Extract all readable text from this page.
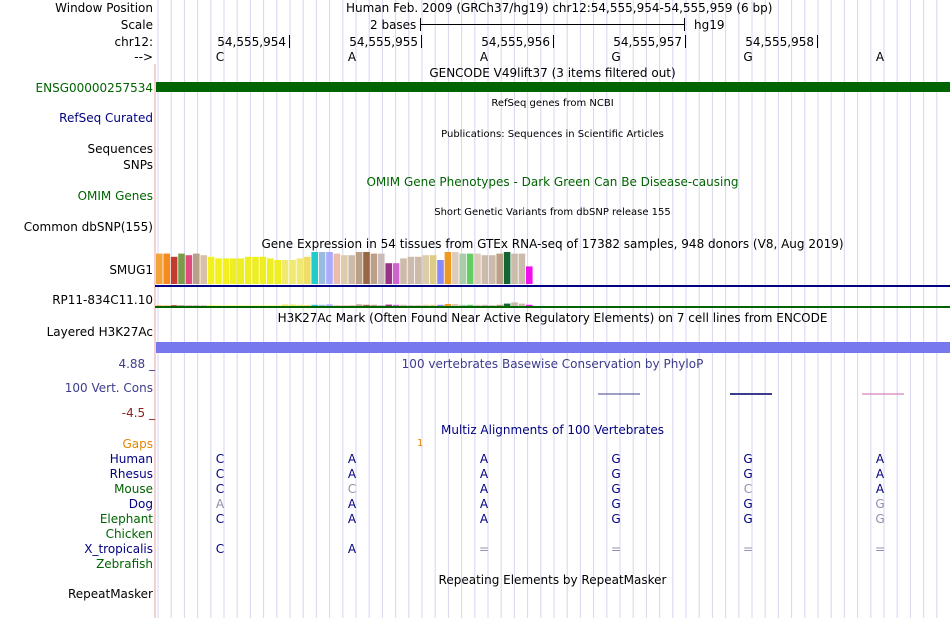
Window Position	Human Feb. 2009 (GRCh37/hg19) chr12:54,555,954-54,555,959 (6 bp)
Scale	2 bases	hg19
chr12:	54,555,954	54,555,955	54,555,956	54,555,957	54,555,958
-->	C	A	A	G	G	A
GENCODE V49lift37 (3 items filtered out)
ENSG00000257534
RefSeq genes from NCBI
RefSeq Curated
Publications: Sequences in Scientific Articles
Sequences
SNPs
OMIM Gene Phenotypes - Dark Green Can Be Disease-causing
OMIM Genes
Short Genetic Variants from dbSNP release 155
Common dbSNP(155)
Gene Expression in 54 tissues from GTEx RNA-seq of 17382 samples, 948 donors (V8, Aug 2019)
SMUG1
RP11-834C11.10
H3K27Ac Mark (Often Found Near Active Regulatory Elements) on 7 cell lines from ENCODE
Layered H3K27Ac
4.88 _	100 vertebrates Basewise Conservation by PhyloP
100 Vert. Cons
-4.5 _
Multiz Alignments of 100 Vertebrates
Gaps	1
Human	C	A	A	G	G	A
Rhesus	C	A	A	G	G	A
Mouse	C	C	A	G	C	A
Dog	A	A	A	G	G	G
Elephant	C	A	A	G	G	G
Chicken
X_tropicalis	C	A	=	=	=	=
Zebrafish
Repeating Elements by RepeatMasker
RepeatMasker
